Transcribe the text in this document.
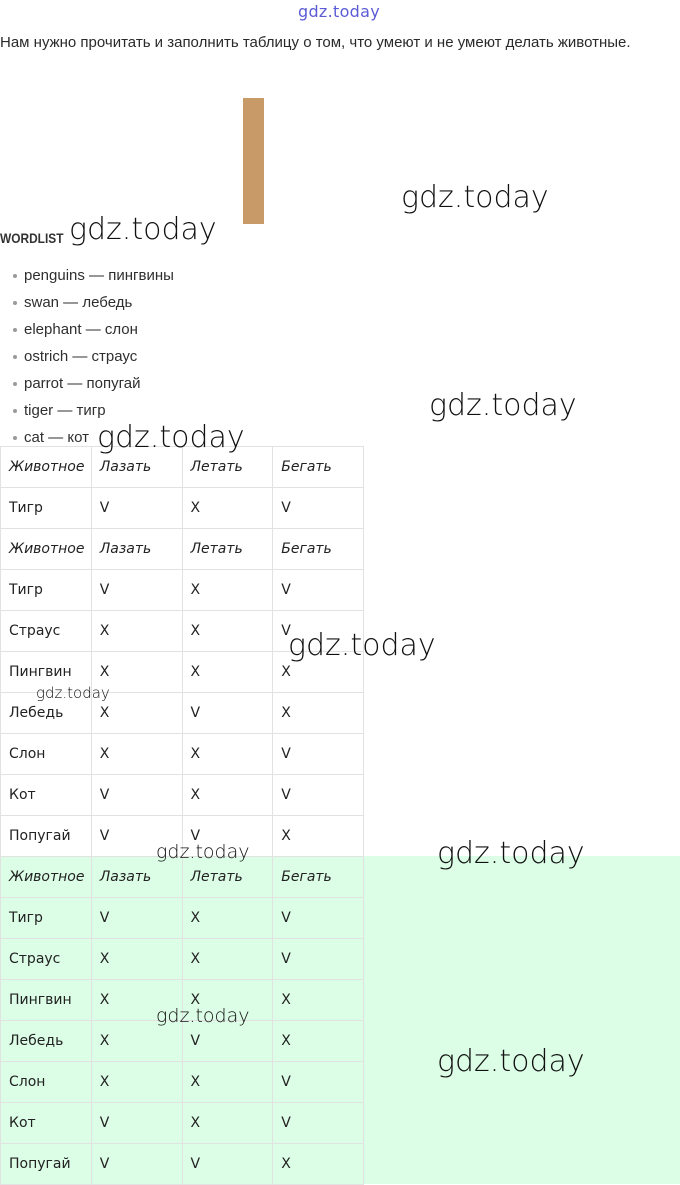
gdz.today
Нам нужно прочитать и заполнить таблицу о том, что умеют и не умеют делать животные.
WORDLIST
penguins — пингвины
swan — лебедь
elephant — слон
ostrich — страус
parrot — попугай
tiger — тигр
cat — кот
Животное	Лазать	Летать	Бегать
Тигр	V	X	V
Животное	Лазать	Летать	Бегать
Тигр	V	X	V
Страус	X	X	V
Пингвин	X	X	X
Лебедь	X	V	X
Слон	X	X	V
Кот	V	X	V
Попугай	V	V	X
Животное	Лазать	Летать	Бегать
Тигр	V	X	V
Страус	X	X	V
Пингвин	X	X	X
Лебедь	X	V	X
Слон	X	X	V
Кот	V	X	V
Попугай	V	V	X
gdz.today
gdz.today
gdz.today
gdz.today
gdz.today
gdz.today
gdz.today	gdz.today
gdz.today
gdz.today
